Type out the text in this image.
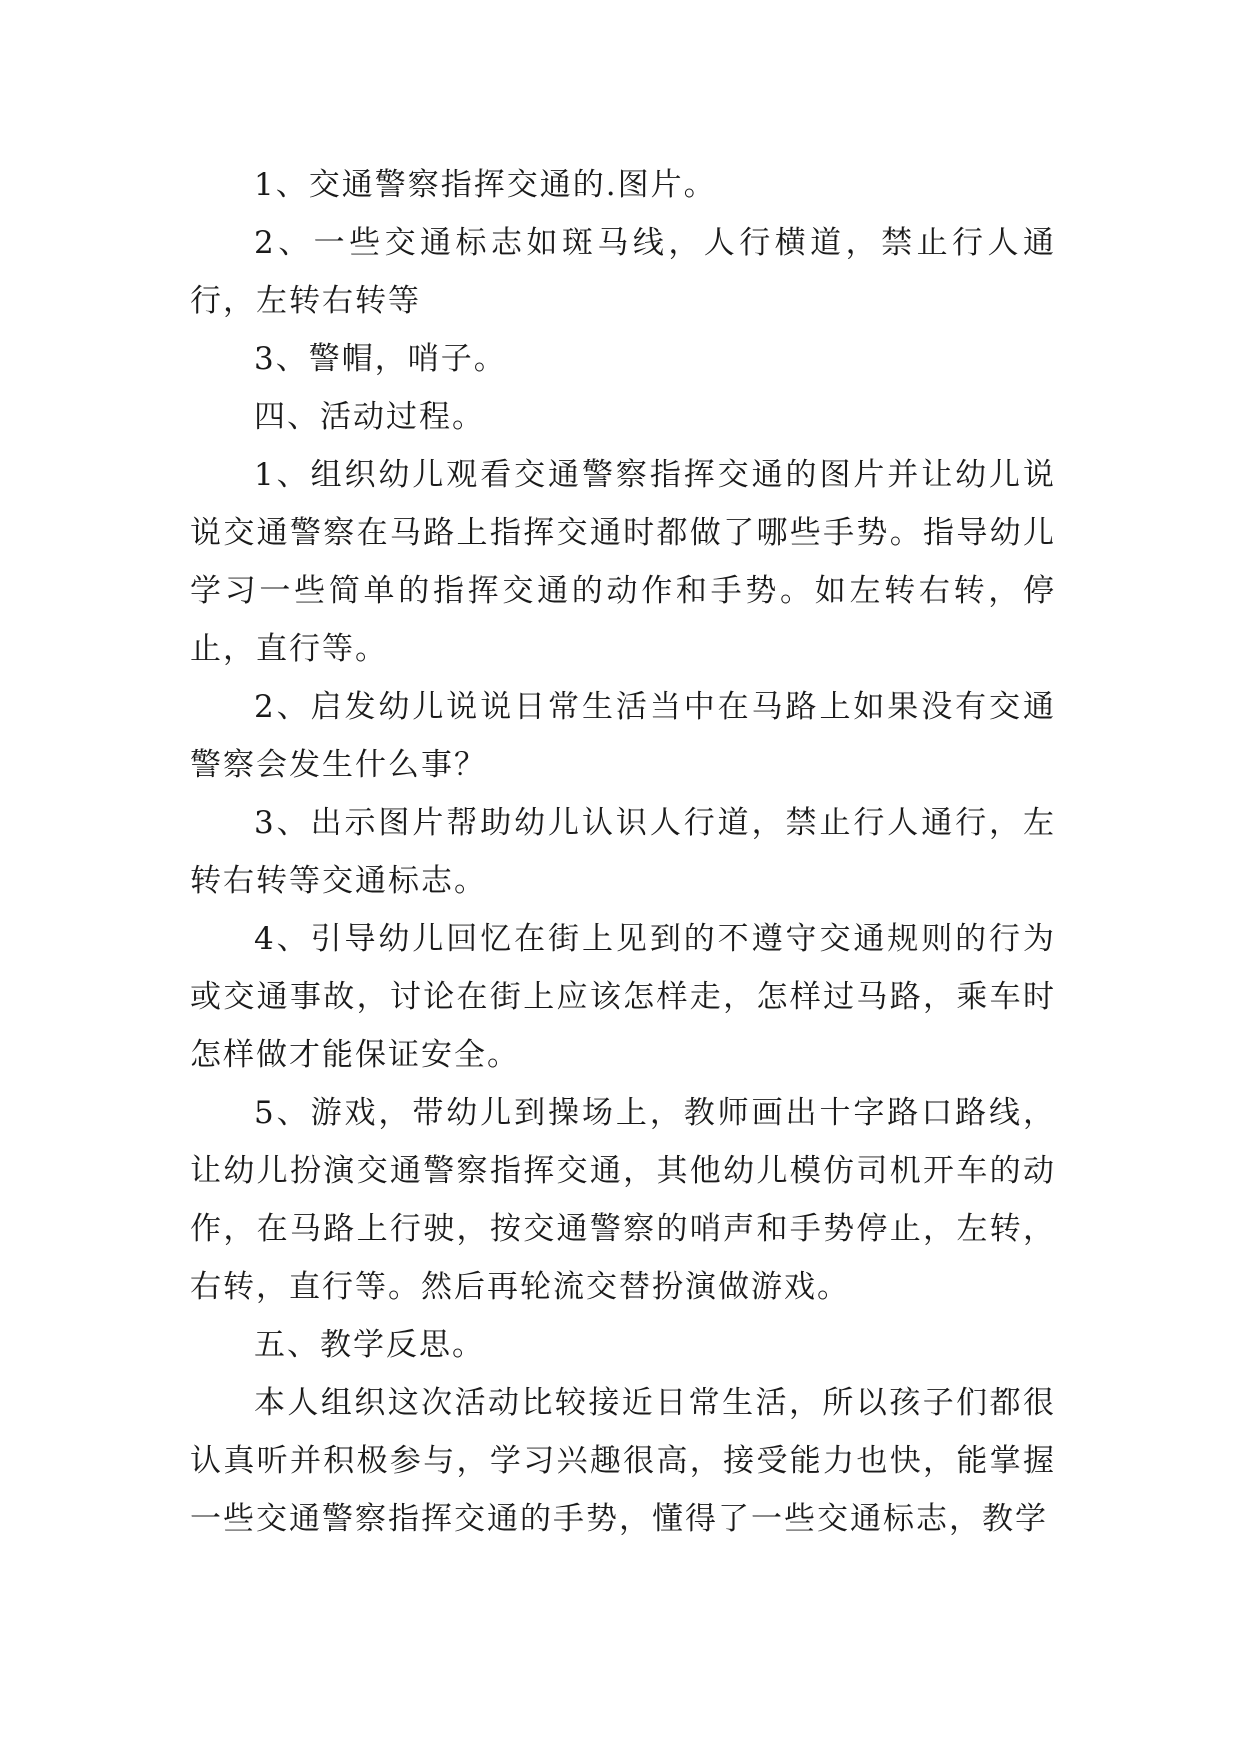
1、交通警察指挥交通的.图片。

2、一些交通标志如斑马线，人行横道，禁止行人通行，左转右转等

3、警帽，哨子。

四、活动过程。

1、组织幼儿观看交通警察指挥交通的图片并让幼儿说说交通警察在马路上指挥交通时都做了哪些手势。指导幼儿学习一些简单的指挥交通的动作和手势。如左转右转，停止，直行等。

2、启发幼儿说说日常生活当中在马路上如果没有交通警察会发生什么事？

3、出示图片帮助幼儿认识人行道，禁止行人通行，左转右转等交通标志。

4、引导幼儿回忆在街上见到的不遵守交通规则的行为或交通事故，讨论在街上应该怎样走，怎样过马路，乘车时怎样做才能保证安全。

5、游戏，带幼儿到操场上，教师画出十字路口路线，让幼儿扮演交通警察指挥交通，其他幼儿模仿司机开车的动作，在马路上行驶，按交通警察的哨声和手势停止，左转，右转，直行等。然后再轮流交替扮演做游戏。

五、教学反思。

本人组织这次活动比较接近日常生活，所以孩子们都很认真听并积极参与，学习兴趣很高，接受能力也快，能掌握一些交通警察指挥交通的手势，懂得了一些交通标志，教学
